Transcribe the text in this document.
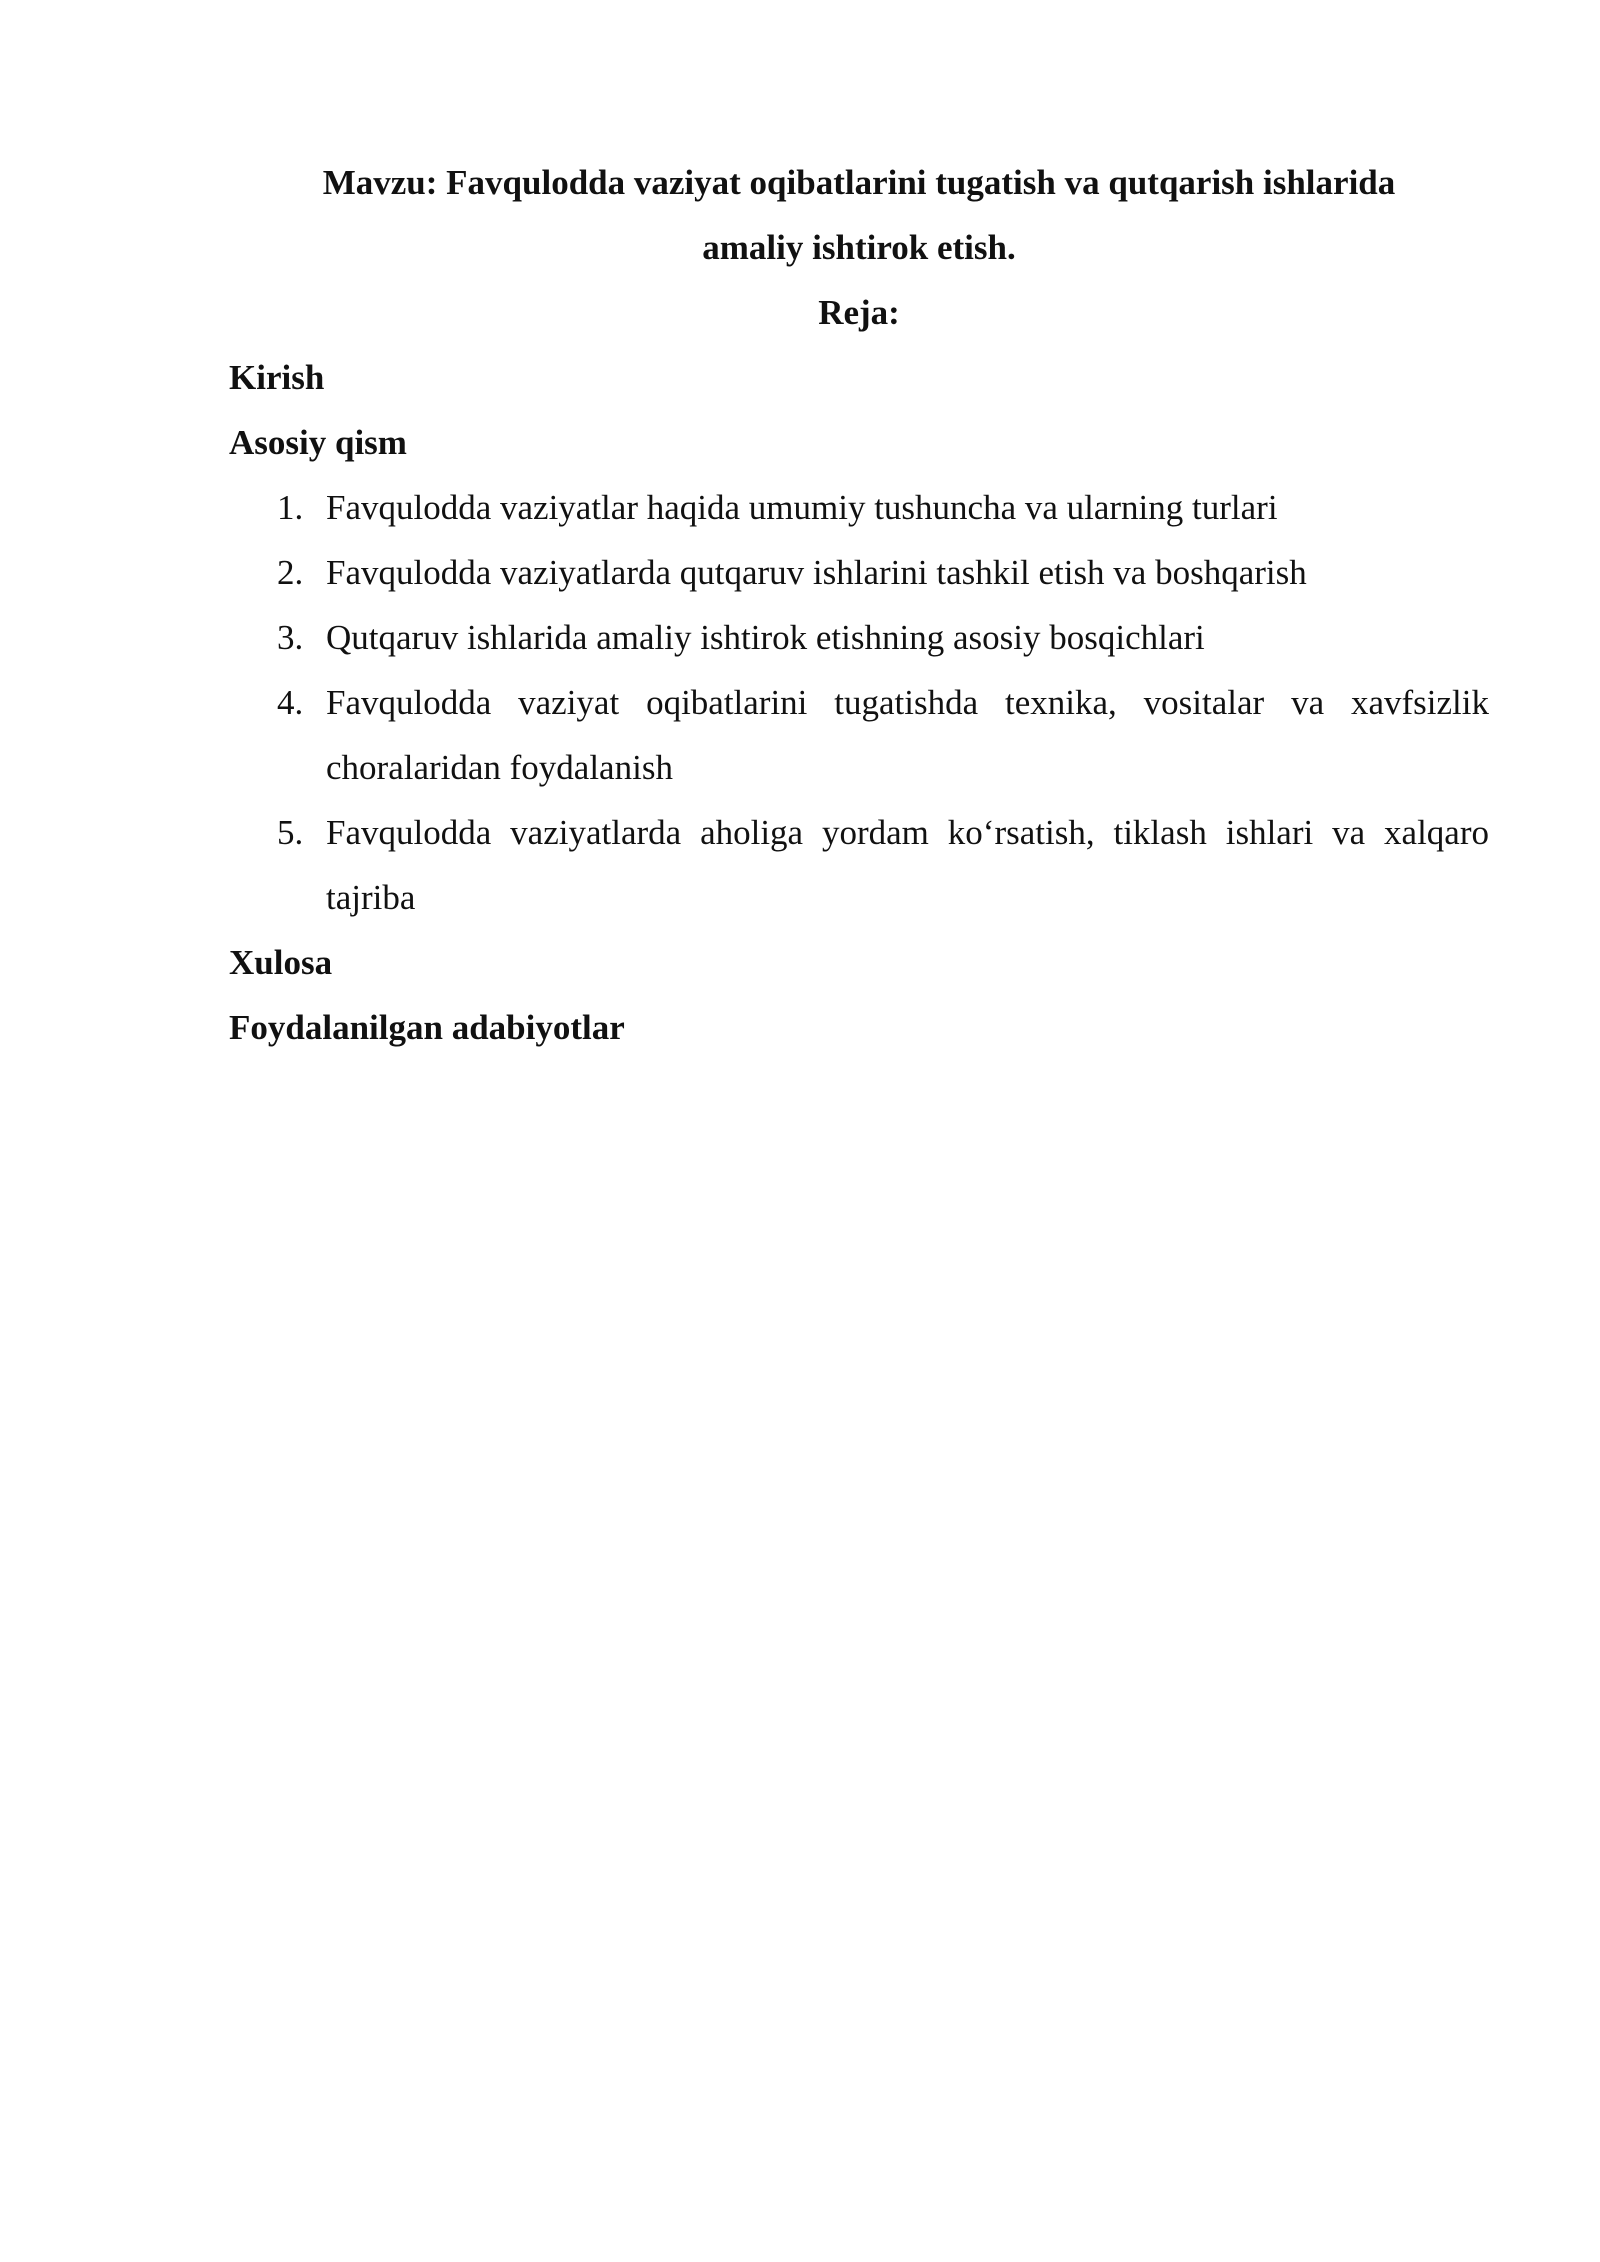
Mavzu: Favqulodda vaziyat oqibatlarini tugatish va qutqarish ishlarida
amaliy ishtirok etish.

Reja:

Kirish

Asosiy qism

1. Favqulodda vaziyatlar haqida umumiy tushuncha va ularning turlari
2. Favqulodda vaziyatlarda qutqaruv ishlarini tashkil etish va boshqarish
3. Qutqaruv ishlarida amaliy ishtirok etishning asosiy bosqichlari
4. Favqulodda vaziyat oqibatlarini tugatishda texnika, vositalar va xavfsizlik choralaridan foydalanish
5. Favqulodda vaziyatlarda aholiga yordam koʻrsatish, tiklash ishlari va xalqaro tajriba

Xulosa

Foydalanilgan adabiyotlar
